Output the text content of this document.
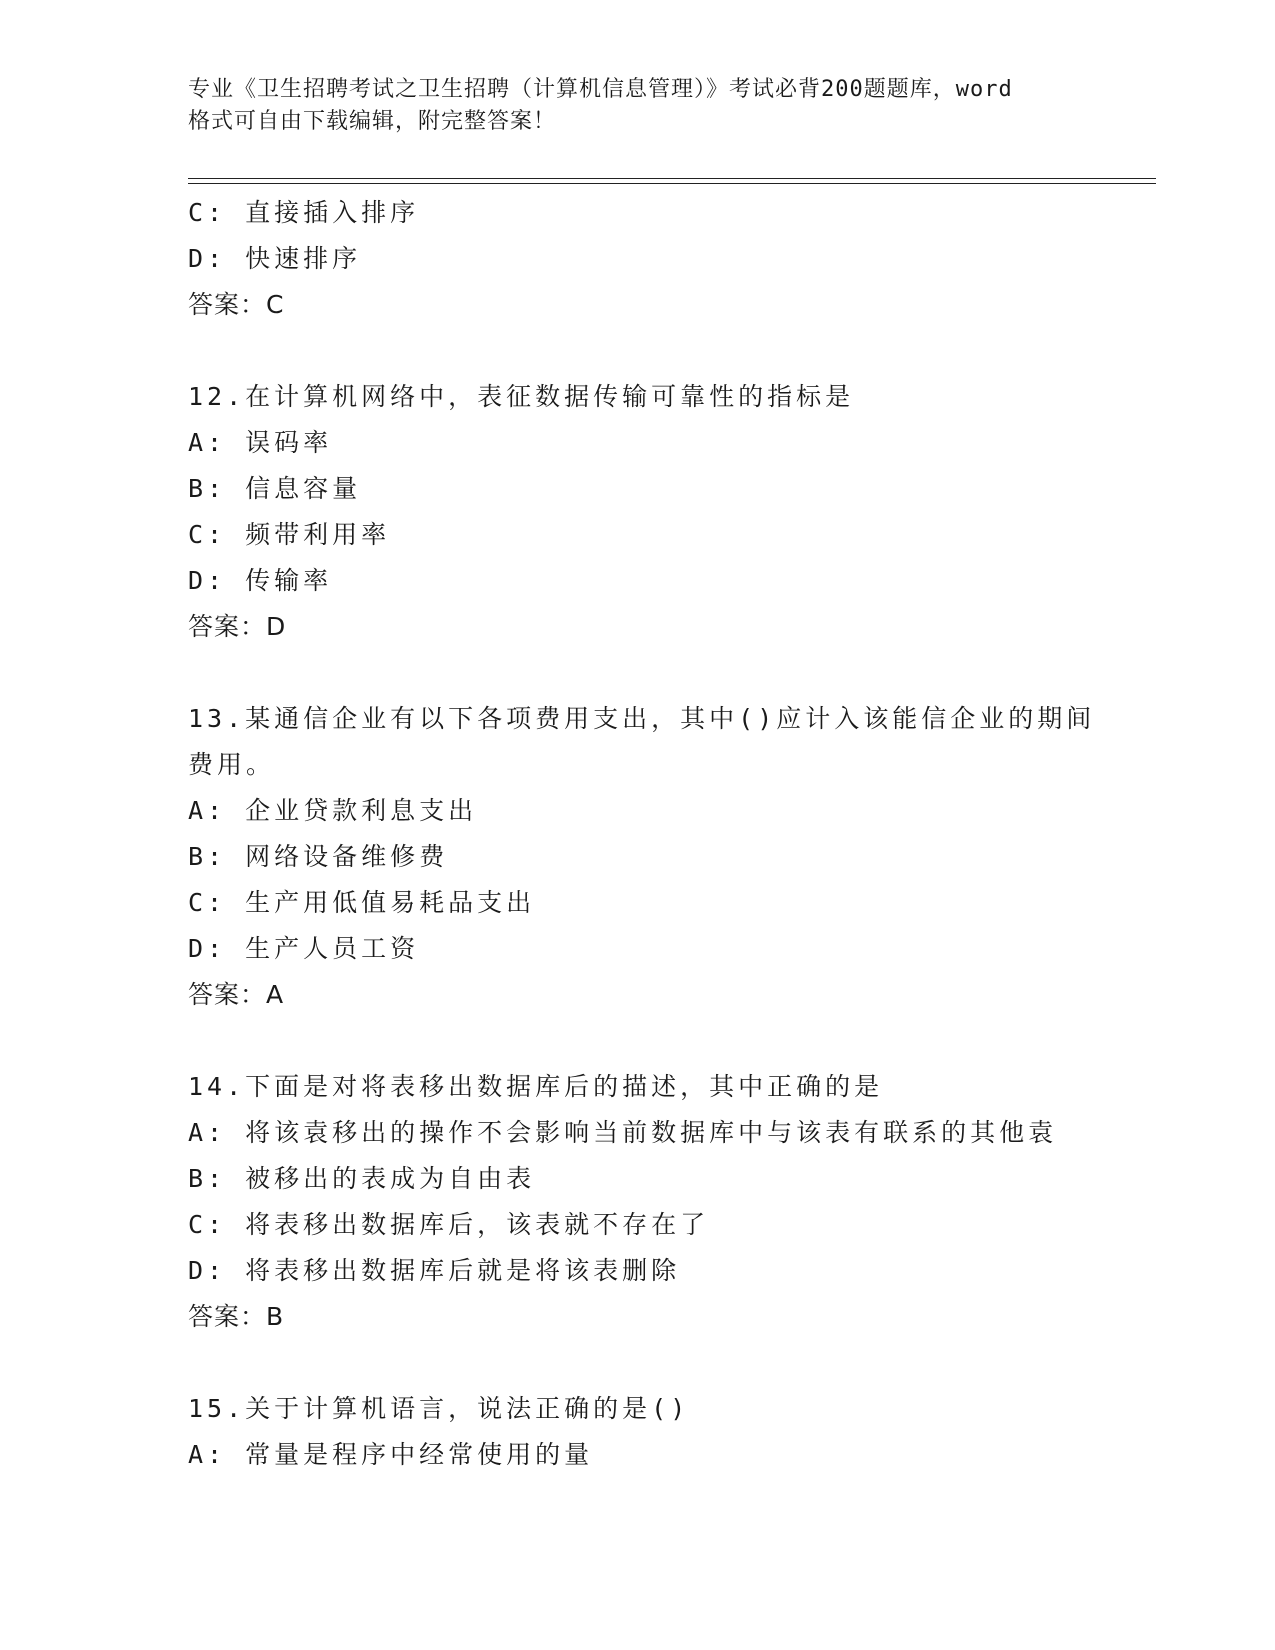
专业《卫生招聘考试之卫生招聘（计算机信息管理）》考试必背200题题库，word
格式可自由下载编辑，附完整答案！
C: 直接插入排序
D: 快速排序
答案：C
12.在计算机网络中，表征数据传输可靠性的指标是
A: 误码率
B: 信息容量
C: 频带利用率
D: 传输率
答案：D
13.某通信企业有以下各项费用支出，其中()应计入该能信企业的期间
费用。
A: 企业贷款利息支出
B: 网络设备维修费
C: 生产用低值易耗品支出
D: 生产人员工资
答案：A
14.下面是对将表移出数据库后的描述，其中正确的是
A: 将该袁移出的操作不会影响当前数据库中与该表有联系的其他袁
B: 被移出的表成为自由表
C: 将表移出数据库后，该表就不存在了
D: 将表移出数据库后就是将该表删除
答案：B
15.关于计算机语言，说法正确的是()
A: 常量是程序中经常使用的量
